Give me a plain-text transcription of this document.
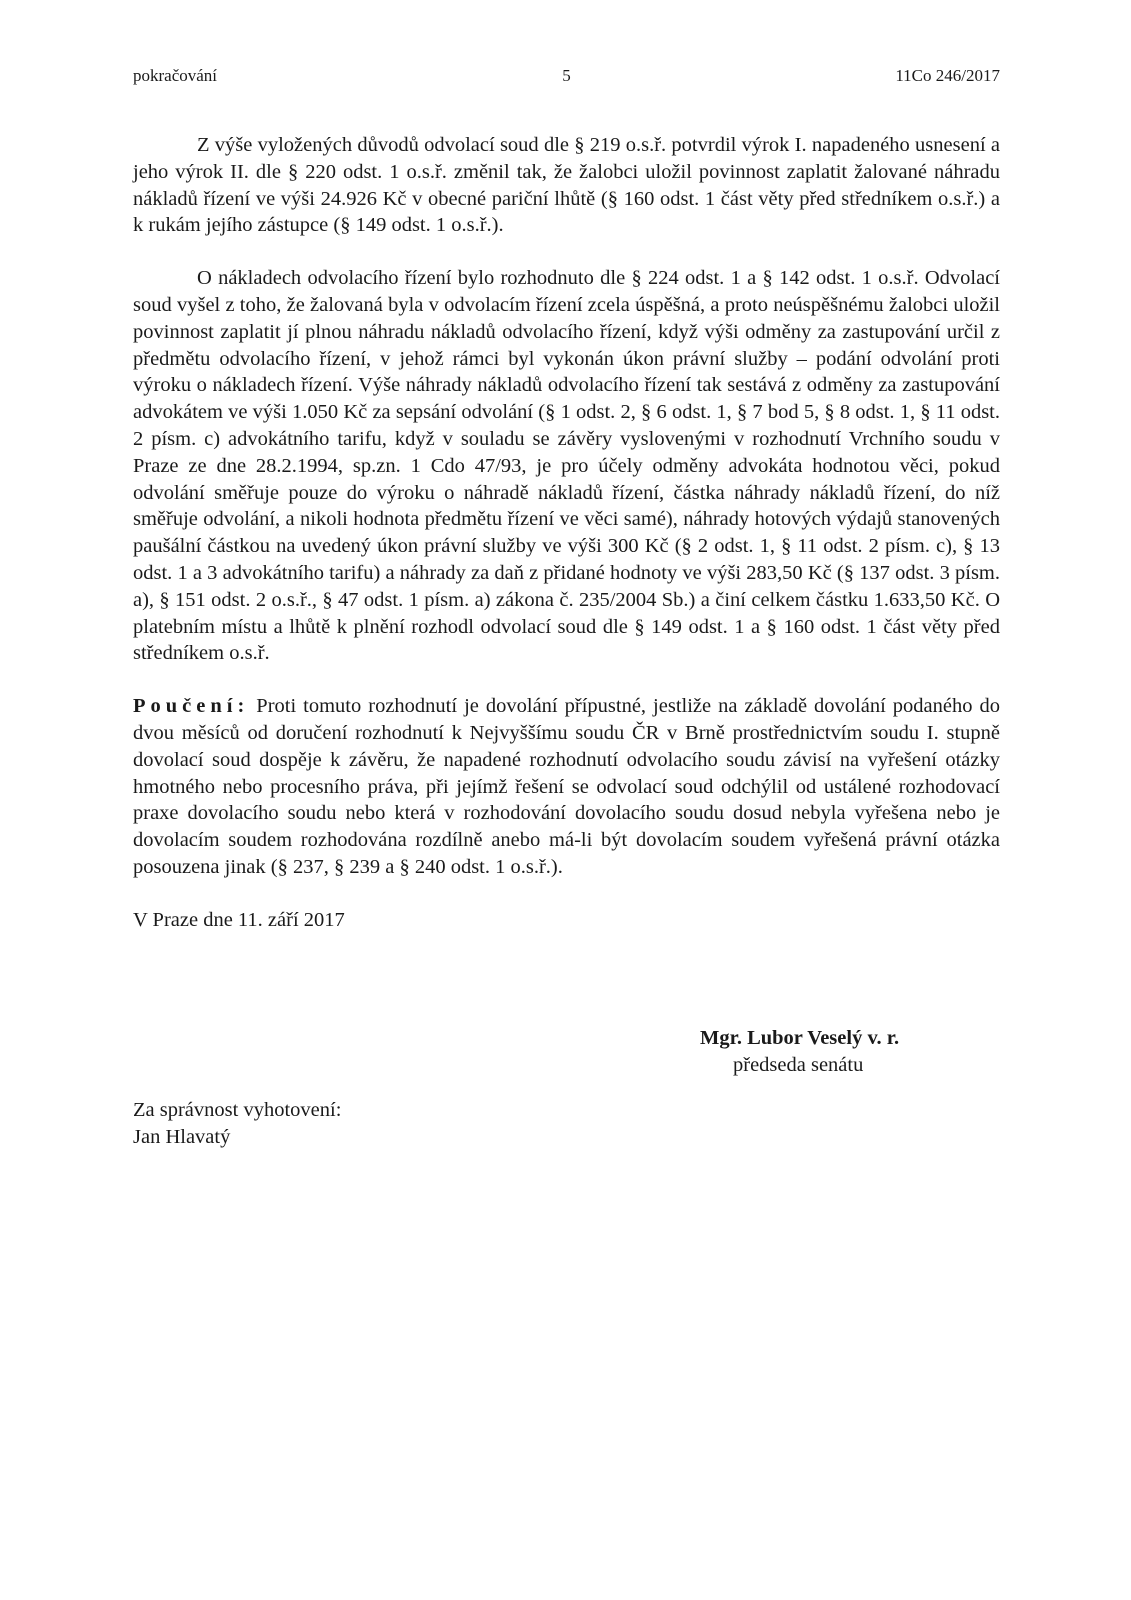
pokračování	5	11Co 246/2017

Z výše vyložených důvodů odvolací soud dle § 219 o.s.ř. potvrdil výrok I. napadeného usnesení a jeho výrok II. dle § 220 odst. 1 o.s.ř. změnil tak, že žalobci uložil povinnost zaplatit žalované náhradu nákladů řízení ve výši 24.926 Kč v obecné pariční lhůtě (§ 160 odst. 1 část věty před středníkem o.s.ř.) a k rukám jejího zástupce (§ 149 odst. 1 o.s.ř.).

O nákladech odvolacího řízení bylo rozhodnuto dle § 224 odst. 1 a § 142 odst. 1 o.s.ř. Odvolací soud vyšel z toho, že žalovaná byla v odvolacím řízení zcela úspěšná, a proto neúspěšnému žalobci uložil povinnost zaplatit jí plnou náhradu nákladů odvolacího řízení, když výši odměny za zastupování určil z předmětu odvolacího řízení, v jehož rámci byl vykonán úkon právní služby – podání odvolání proti výroku o nákladech řízení. Výše náhrady nákladů odvolacího řízení tak sestává z odměny za zastupování advokátem ve výši 1.050 Kč za sepsání odvolání (§ 1 odst. 2, § 6 odst. 1, § 7 bod 5, § 8 odst. 1, § 11 odst. 2 písm. c) advokátního tarifu, když v souladu se závěry vyslovenými v rozhodnutí Vrchního soudu v Praze ze dne 28.2.1994, sp.zn. 1 Cdo 47/93, je pro účely odměny advokáta hodnotou věci, pokud odvolání směřuje pouze do výroku o náhradě nákladů řízení, částka náhrady nákladů řízení, do níž směřuje odvolání, a nikoli hodnota předmětu řízení ve věci samé), náhrady hotových výdajů stanovených paušální částkou na uvedený úkon právní služby ve výši 300 Kč (§ 2 odst. 1, § 11 odst. 2 písm. c), § 13 odst. 1 a 3 advokátního tarifu) a náhrady za daň z přidané hodnoty ve výši 283,50 Kč (§ 137 odst. 3 písm. a), § 151 odst. 2 o.s.ř., § 47 odst. 1 písm. a) zákona č. 235/2004 Sb.) a činí celkem částku 1.633,50 Kč. O platebním místu a lhůtě k plnění rozhodl odvolací soud dle § 149 odst. 1 a § 160 odst. 1 část věty před středníkem o.s.ř.

Poučení: Proti tomuto rozhodnutí je dovolání přípustné, jestliže na základě dovolání podaného do dvou měsíců od doručení rozhodnutí k Nejvyššímu soudu ČR v Brně prostřednictvím soudu I. stupně dovolací soud dospěje k závěru, že napadené rozhodnutí odvolacího soudu závisí na vyřešení otázky hmotného nebo procesního práva, při jejímž řešení se odvolací soud odchýlil od ustálené rozhodovací praxe dovolacího soudu nebo která v rozhodování dovolacího soudu dosud nebyla vyřešena nebo je dovolacím soudem rozhodována rozdílně anebo má-li být dovolacím soudem vyřešená právní otázka posouzena jinak (§ 237, § 239 a § 240 odst. 1 o.s.ř.).

V Praze dne 11. září 2017

Mgr. Lubor Veselý v. r.
předseda senátu
Za správnost vyhotovení:
Jan Hlavatý
